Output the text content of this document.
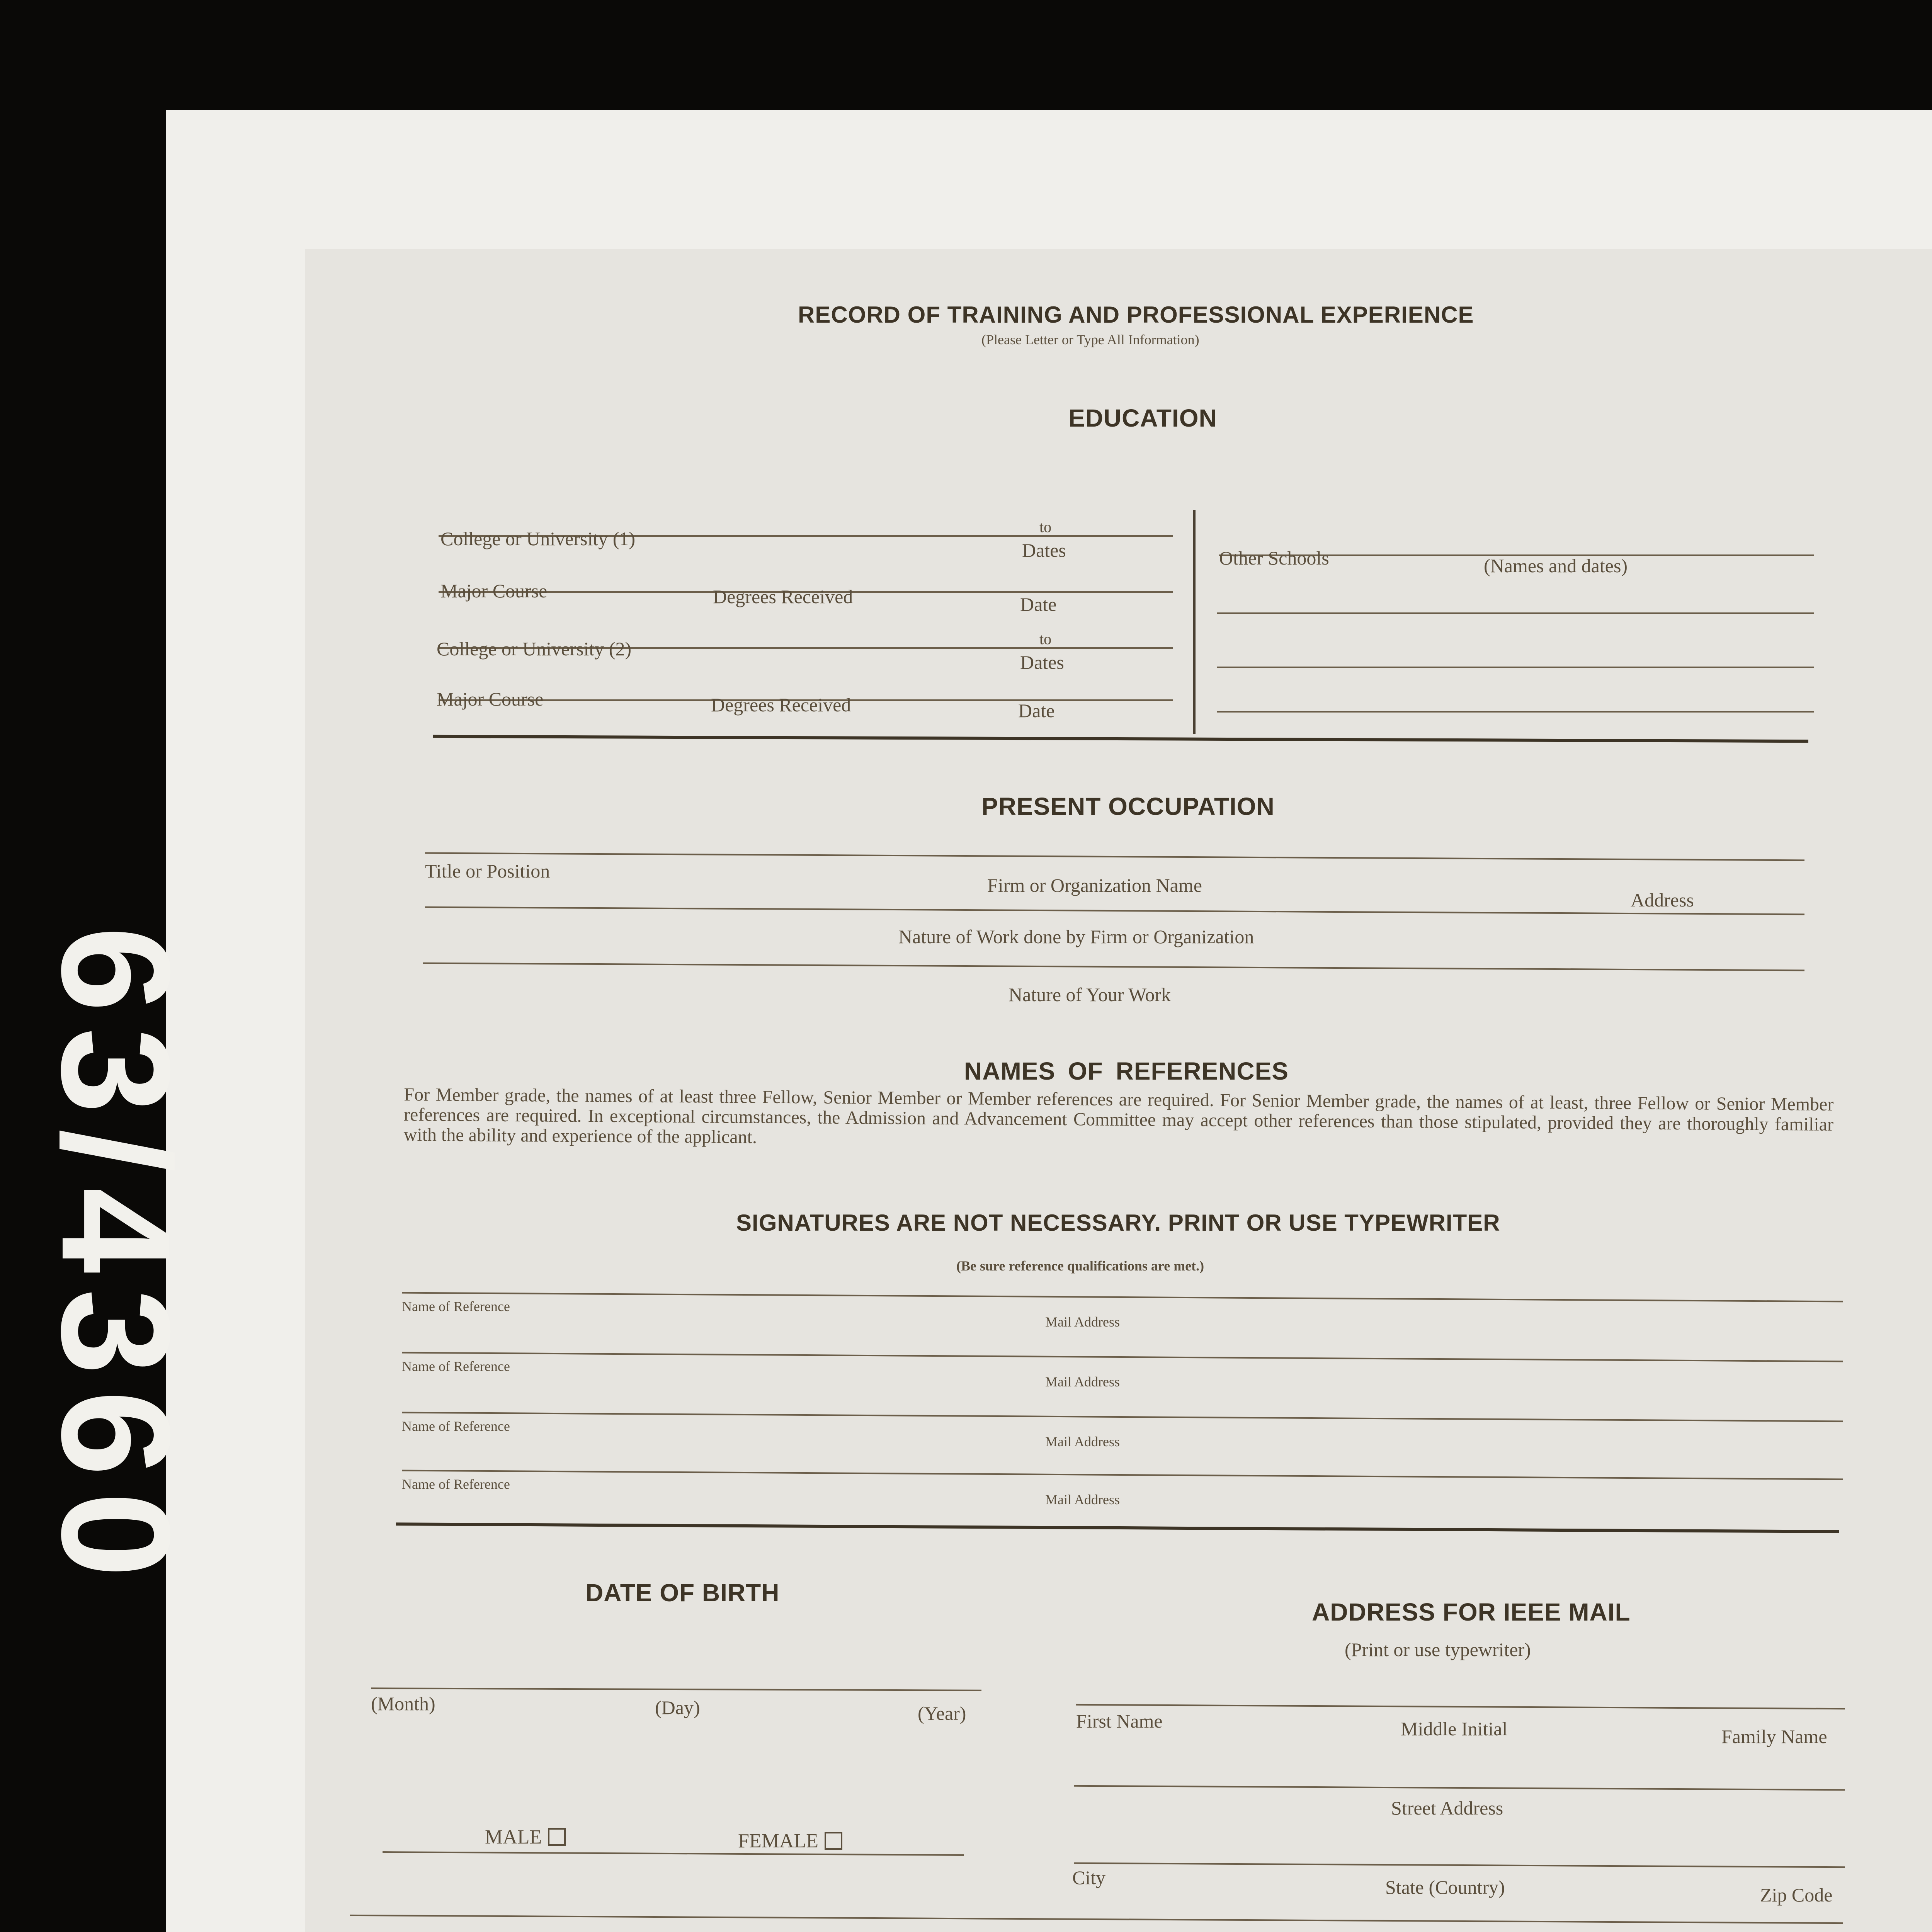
63/4360
RECORD OF TRAINING AND PROFESSIONAL EXPERIENCE
(Please Letter or Type All Information)
EDUCATION
College or University (1)
to
Dates
Major Course	Degrees Received	Date
College or University (2)	to
Dates
Major Course	Degrees Received	Date
Other Schools	(Names and dates)
PRESENT OCCUPATION
Title or Position
Firm or Organization Name
Address
Nature of Work done by Firm or Organization
Nature of Your Work
NAMES OF REFERENCES
For Member grade, the names of at least three Fellow, Senior Member or Member references are required. For Senior Member grade, the names of at least, three Fellow or Senior Member references are required. In exceptional circumstances, the Admission and Advancement Committee may accept other references than those stipulated, provided they are thoroughly familiar with the ability and experience of the applicant.
SIGNATURES ARE NOT NECESSARY. PRINT OR USE TYPEWRITER
(Be sure reference qualifications are met.)
Name of Reference
Mail Address
Name of Reference
Mail Address
Name of Reference
Mail Address
Name of Reference
Mail Address
DATE OF BIRTH
(Month)	(Day)	(Year)
MALE	FEMALE
ADDRESS FOR IEEE MAIL
(Print or use typewriter)
First Name	Middle Initial	Family Name
Street Address
City	State (Country)	Zip Code
